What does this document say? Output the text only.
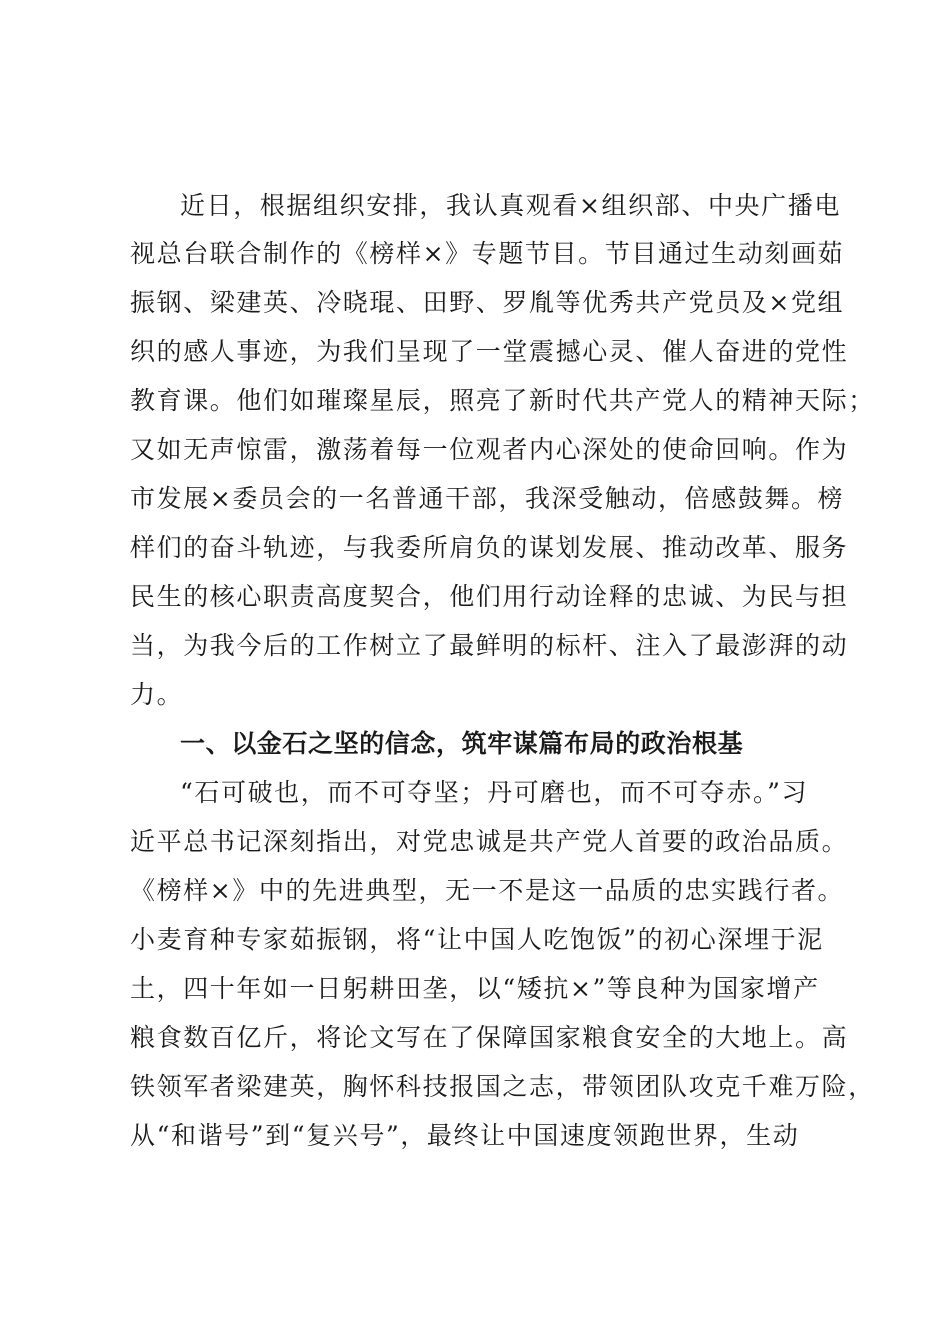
近日，根据组织安排，我认真观看×组织部、中央广播电
视总台联合制作的《榜样×》专题节目。节目通过生动刻画茹
振钢、梁建英、冷晓琨、田野、罗胤等优秀共产党员及×党组
织的感人事迹，为我们呈现了一堂震撼心灵、催人奋进的党性
教育课。他们如璀璨星辰，照亮了新时代共产党人的精神天际；
又如无声惊雷，激荡着每一位观者内心深处的使命回响。作为
市发展×委员会的一名普通干部，我深受触动，倍感鼓舞。榜
样们的奋斗轨迹，与我委所肩负的谋划发展、推动改革、服务
民生的核心职责高度契合，他们用行动诠释的忠诚、为民与担
当，为我今后的工作树立了最鲜明的标杆、注入了最澎湃的动
力。
一、以金石之坚的信念，筑牢谋篇布局的政治根基
“石可破也，而不可夺坚；丹可磨也，而不可夺赤。”习
近平总书记深刻指出，对党忠诚是共产党人首要的政治品质。
《榜样×》中的先进典型，无一不是这一品质的忠实践行者。
小麦育种专家茹振钢，将“让中国人吃饱饭”的初心深埋于泥
土，四十年如一日躬耕田垄，以“矮抗×”等良种为国家增产
粮食数百亿斤，将论文写在了保障国家粮食安全的大地上。高
铁领军者梁建英，胸怀科技报国之志，带领团队攻克千难万险，
从“和谐号”到“复兴号”，最终让中国速度领跑世界，生动
